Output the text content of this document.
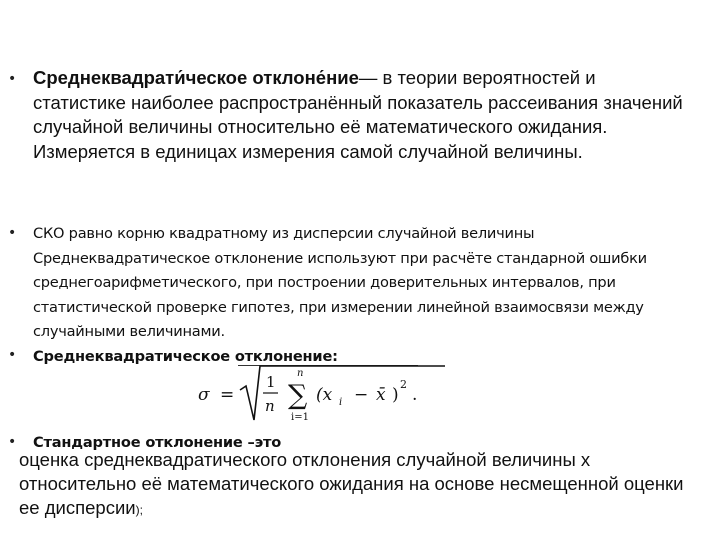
• Среднеквадрати́ческое отклоне́ние— в теории вероятностей и статистике наиболее распространённый показатель рассеивания значений случайной величины относительно её математического ожидания. Измеряется в единицах измерения самой случайной величины.
• СКО равно корню квадратному из дисперсии случайной величины Среднеквадратическое отклонение используют при расчёте стандарной ошибки среднегоарифметического, при построении доверительных интервалов, при статистической проверке гипотез, при измерении линейной взаимосвязи между случайными величинами.
• Среднеквадратическое отклонение:
σ =
1
n
n
∑
i=1
(x i − x̄ )
2
.
• Стандартное отклонение –это
оценка среднеквадратического отклонения случайной величины х относительно её математического ожидания на основе несмещенной оценки ее дисперсии);
